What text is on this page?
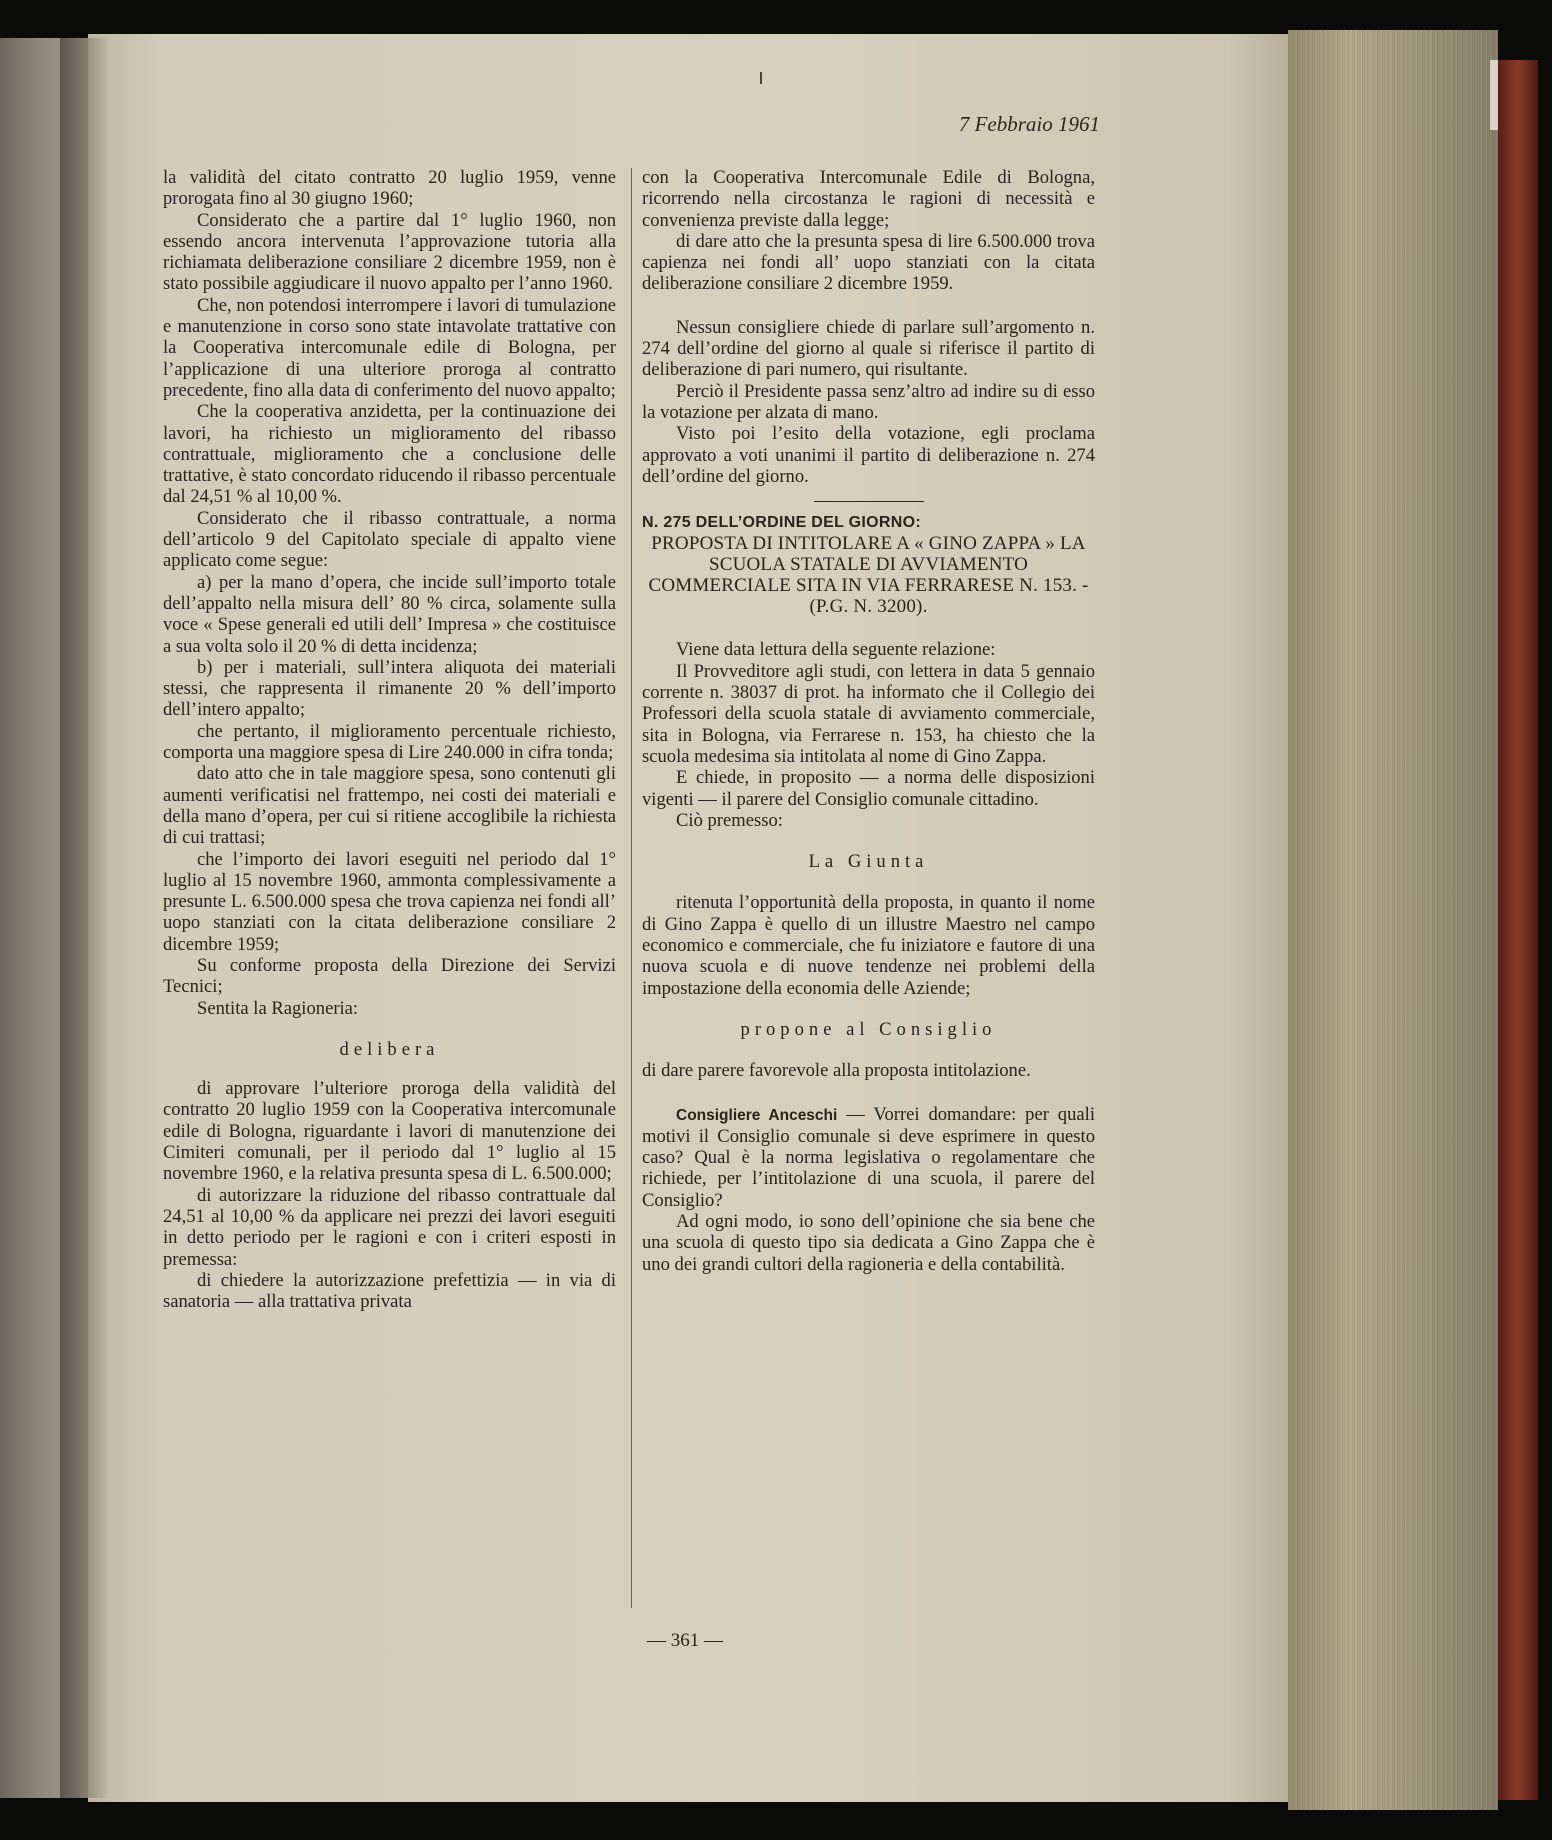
7 Febbraio 1961

la validità del citato contratto 20 luglio 1959, venne prorogata fino al 30 giugno 1960;

Considerato che a partire dal 1° luglio 1960, non essendo ancora intervenuta l’approvazione tutoria alla richiamata deliberazione consiliare 2 dicembre 1959, non è stato possibile aggiudicare il nuovo appalto per l’anno 1960.

Che, non potendosi interrompere i lavori di tumulazione e manutenzione in corso sono state intavolate trattative con la Cooperativa intercomunale edile di Bologna, per l’applicazione di una ulteriore proroga al contratto precedente, fino alla data di conferimento del nuovo appalto;

Che la cooperativa anzidetta, per la continuazione dei lavori, ha richiesto un miglioramento del ribasso contrattuale, miglioramento che a conclusione delle trattative, è stato concordato riducendo il ribasso percentuale dal 24,51 % al 10,00 %.

Considerato che il ribasso contrattuale, a norma dell’articolo 9 del Capitolato speciale di appalto viene applicato come segue:

a) per la mano d’opera, che incide sull’importo totale dell’appalto nella misura dell’ 80 % circa, solamente sulla voce « Spese generali ed utili dell’ Impresa » che costituisce a sua volta solo il 20 % di detta incidenza;

b) per i materiali, sull’intera aliquota dei materiali stessi, che rappresenta il rimanente 20 % dell’importo dell’intero appalto;

che pertanto, il miglioramento percentuale richiesto, comporta una maggiore spesa di Lire 240.000 in cifra tonda;

dato atto che in tale maggiore spesa, sono contenuti gli aumenti verificatisi nel frattempo, nei costi dei materiali e della mano d’opera, per cui si ritiene accoglibile la richiesta di cui trattasi;

che l’importo dei lavori eseguiti nel periodo dal 1° luglio al 15 novembre 1960, ammonta complessivamente a presunte L. 6.500.000 spesa che trova capienza nei fondi all’ uopo stanziati con la citata deliberazione consiliare 2 dicembre 1959;

Su conforme proposta della Direzione dei Servizi Tecnici;

Sentita la Ragioneria:

delibera

di approvare l’ulteriore proroga della validità del contratto 20 luglio 1959 con la Cooperativa intercomunale edile di Bologna, riguardante i lavori di manutenzione dei Cimiteri comunali, per il periodo dal 1° luglio al 15 novembre 1960, e la relativa presunta spesa di L. 6.500.000;

di autorizzare la riduzione del ribasso contrattuale dal 24,51 al 10,00 % da applicare nei prezzi dei lavori eseguiti in detto periodo per le ragioni e con i criteri esposti in premessa:

di chiedere la autorizzazione prefettizia — in via di sanatoria — alla trattativa privata

con la Cooperativa Intercomunale Edile di Bologna, ricorrendo nella circostanza le ragioni di necessità e convenienza previste dalla legge;

di dare atto che la presunta spesa di lire 6.500.000 trova capienza nei fondi all’ uopo stanziati con la citata deliberazione consiliare 2 dicembre 1959.

Nessun consigliere chiede di parlare sull’argomento n. 274 dell’ordine del giorno al quale si riferisce il partito di deliberazione di pari numero, qui risultante.

Perciò il Presidente passa senz’altro ad indire su di esso la votazione per alzata di mano.

Visto poi l’esito della votazione, egli proclama approvato a voti unanimi il partito di deliberazione n. 274 dell’ordine del giorno.

N. 275 DELL’ORDINE DEL GIORNO:

PROPOSTA DI INTITOLARE A « GINO ZAPPA » LA SCUOLA STATALE DI AVVIAMENTO COMMERCIALE SITA IN VIA FERRARESE N. 153. - (P.G. N. 3200).

Viene data lettura della seguente relazione:

Il Provveditore agli studi, con lettera in data 5 gennaio corrente n. 38037 di prot. ha informato che il Collegio dei Professori della scuola statale di avviamento commerciale, sita in Bologna, via Ferrarese n. 153, ha chiesto che la scuola medesima sia intitolata al nome di Gino Zappa.

E chiede, in proposito — a norma delle disposizioni vigenti — il parere del Consiglio comunale cittadino.

Ciò premesso:

La Giunta

ritenuta l’opportunità della proposta, in quanto il nome di Gino Zappa è quello di un illustre Maestro nel campo economico e commerciale, che fu iniziatore e fautore di una nuova scuola e di nuove tendenze nei problemi della impostazione della economia delle Aziende;

propone al Consiglio

di dare parere favorevole alla proposta intitolazione.

Consigliere Anceschi — Vorrei domandare: per quali motivi il Consiglio comunale si deve esprimere in questo caso? Qual è la norma legislativa o regolamentare che richiede, per l’intitolazione di una scuola, il parere del Consiglio?

Ad ogni modo, io sono dell’opinione che sia bene che una scuola di questo tipo sia dedicata a Gino Zappa che è uno dei grandi cultori della ragioneria e della contabilità.

— 361 —
